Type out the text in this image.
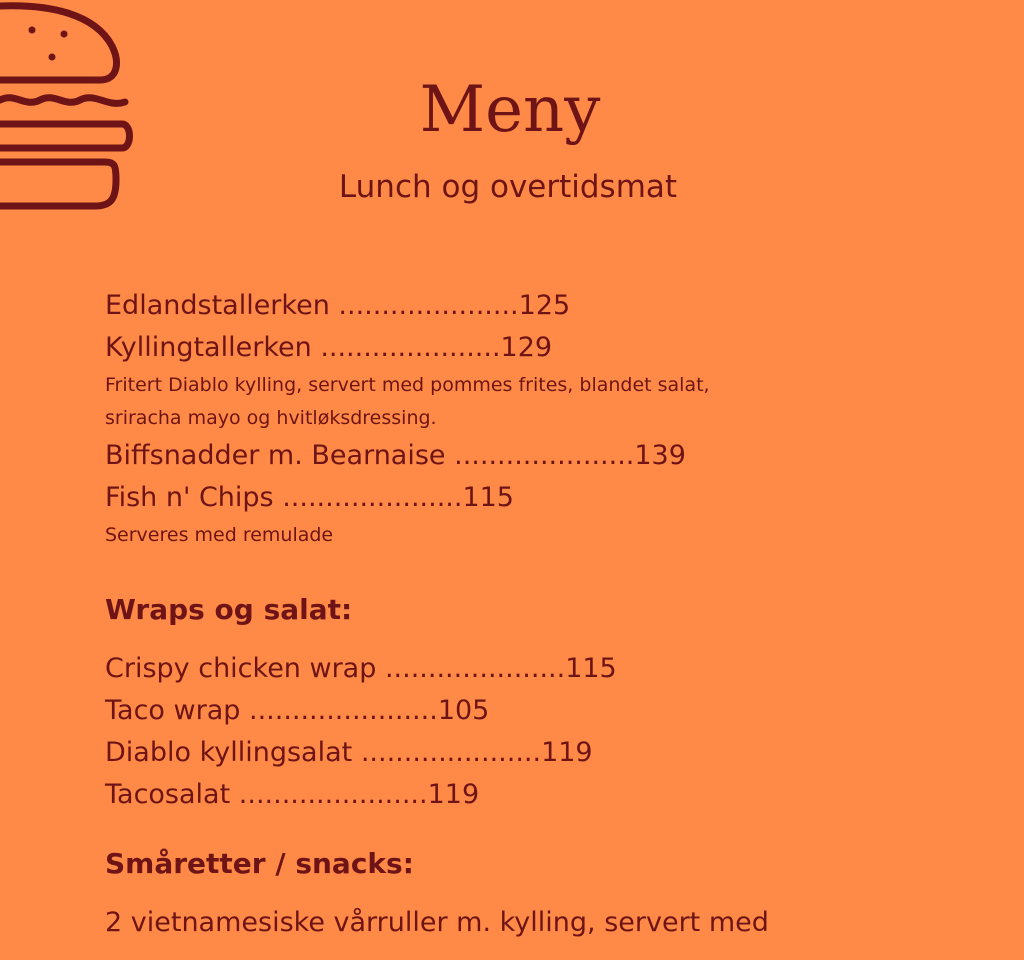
Meny
Lunch og overtidsmat
Edlandstallerken .....................125
Kyllingtallerken .....................129
Fritert Diablo kylling, servert med pommes frites, blandet salat,
sriracha mayo og hvitløksdressing.
Biffsnadder m. Bearnaise .....................139
Fish n' Chips .....................115
Serveres med remulade
Wraps og salat:
Crispy chicken wrap .....................115
Taco wrap ......................105
Diablo kyllingsalat .....................119
Tacosalat ......................119
Småretter / snacks:
2 vietnamesiske vårruller m. kylling, servert med
